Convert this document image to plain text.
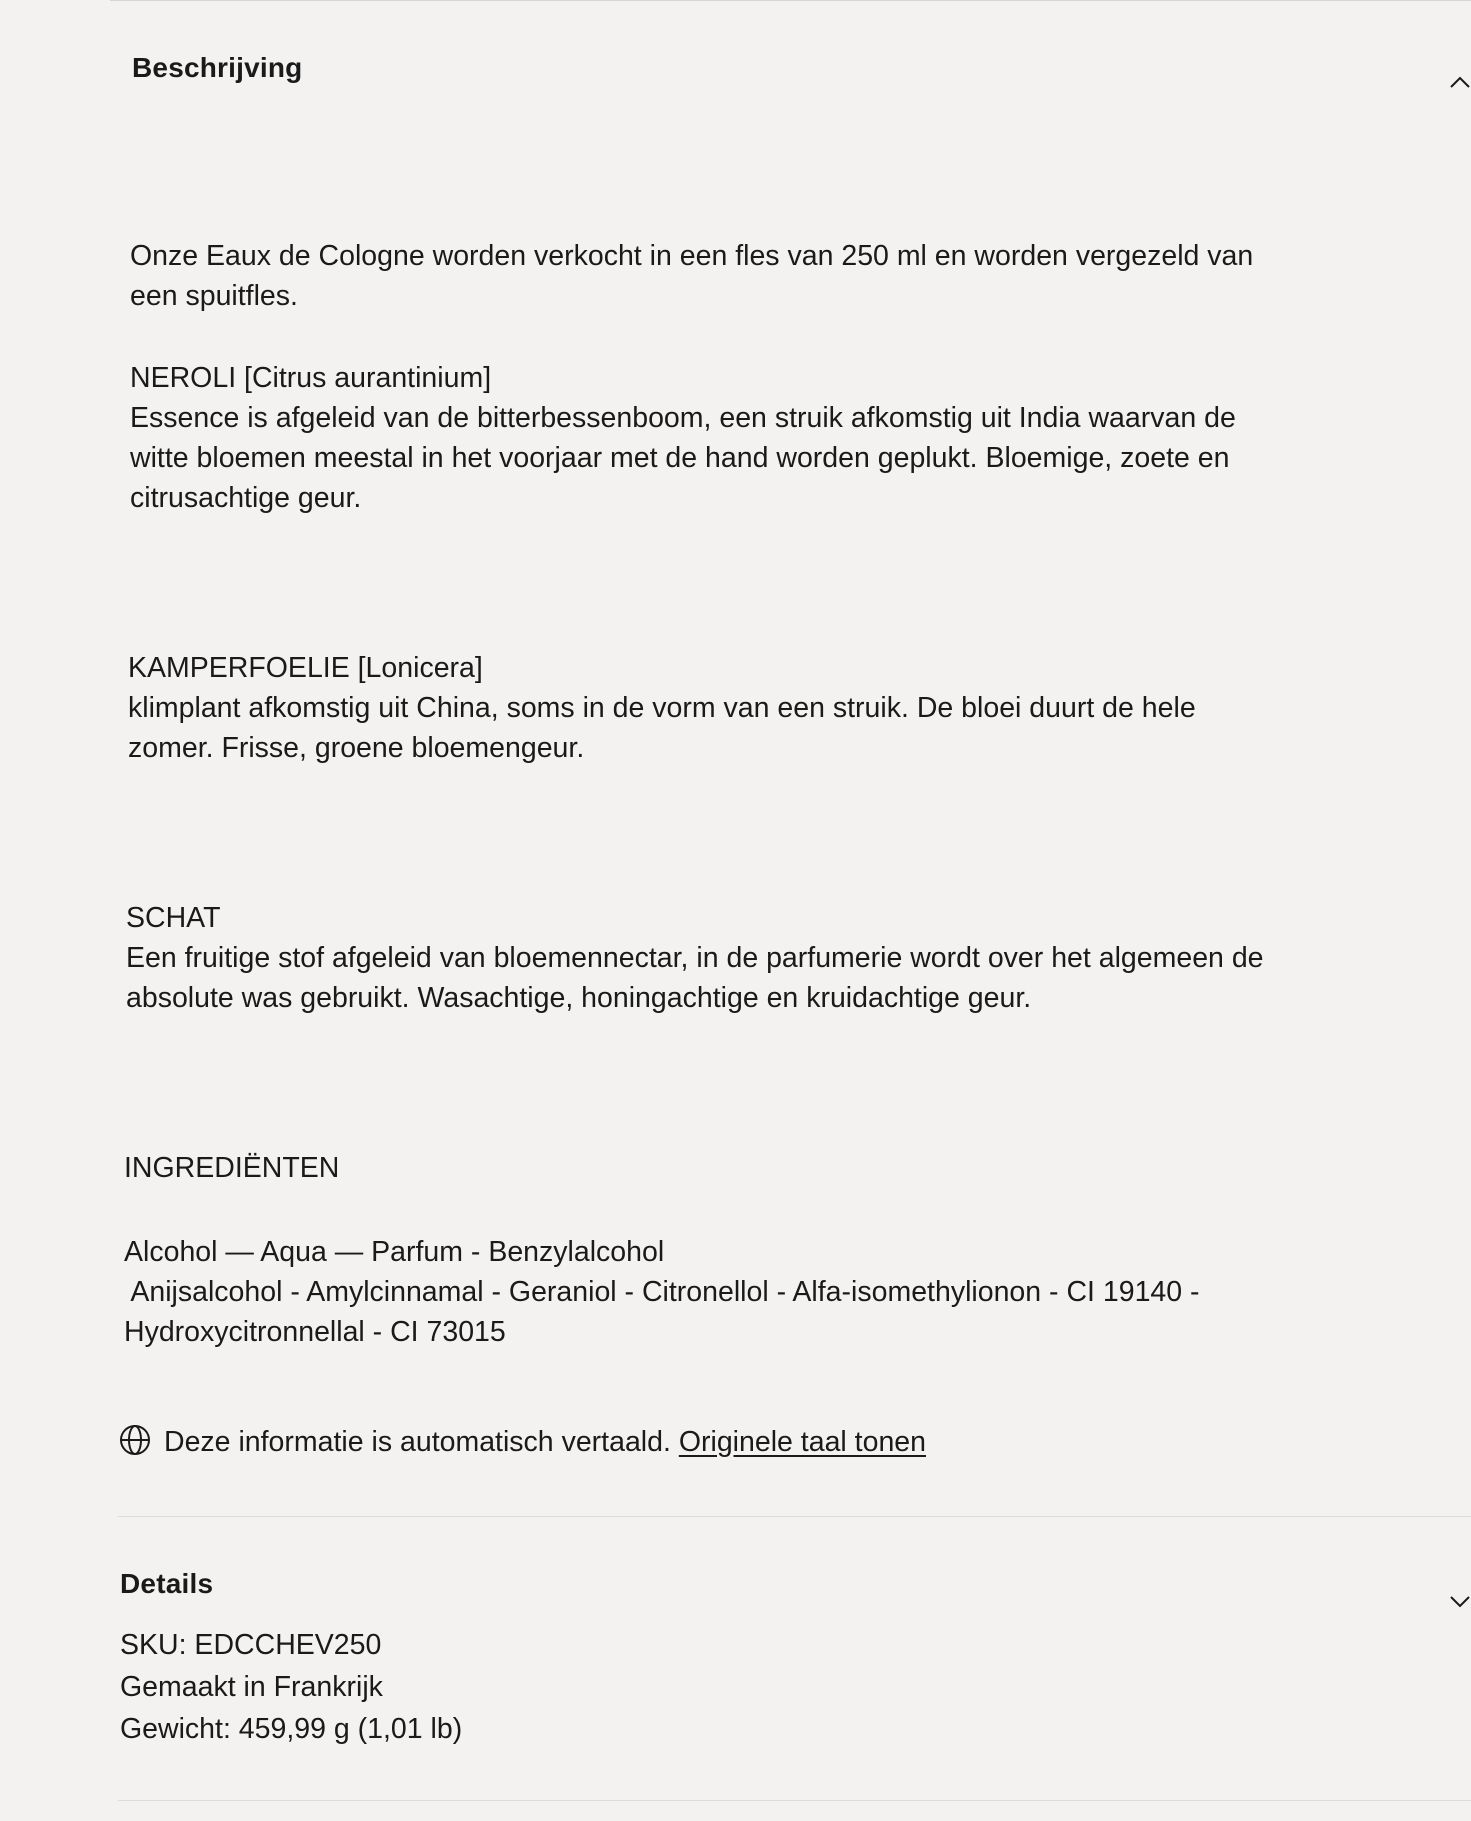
Beschrijving
Onze Eaux de Cologne worden verkocht in een fles van 250 ml en worden vergezeld van
een spuitfles.
NEROLI [Citrus aurantinium]
Essence is afgeleid van de bitterbessenboom, een struik afkomstig uit India waarvan de
witte bloemen meestal in het voorjaar met de hand worden geplukt. Bloemige, zoete en
citrusachtige geur.
KAMPERFOELIE [Lonicera]
klimplant afkomstig uit China, soms in de vorm van een struik. De bloei duurt de hele
zomer. Frisse, groene bloemengeur.
SCHAT
Een fruitige stof afgeleid van bloemennectar, in de parfumerie wordt over het algemeen de
absolute was gebruikt. Wasachtige, honingachtige en kruidachtige geur.
INGREDIËNTEN
Alcohol — Aqua — Parfum - Benzylalcohol
Anijsalcohol - Amylcinnamal - Geraniol - Citronellol - Alfa-isomethylionon - CI 19140 -
Hydroxycitronnellal - CI 73015
Deze informatie is automatisch vertaald. Originele taal tonen
Details
SKU: EDCCHEV250
Gemaakt in Frankrijk
Gewicht: 459,99 g (1,01 lb)
